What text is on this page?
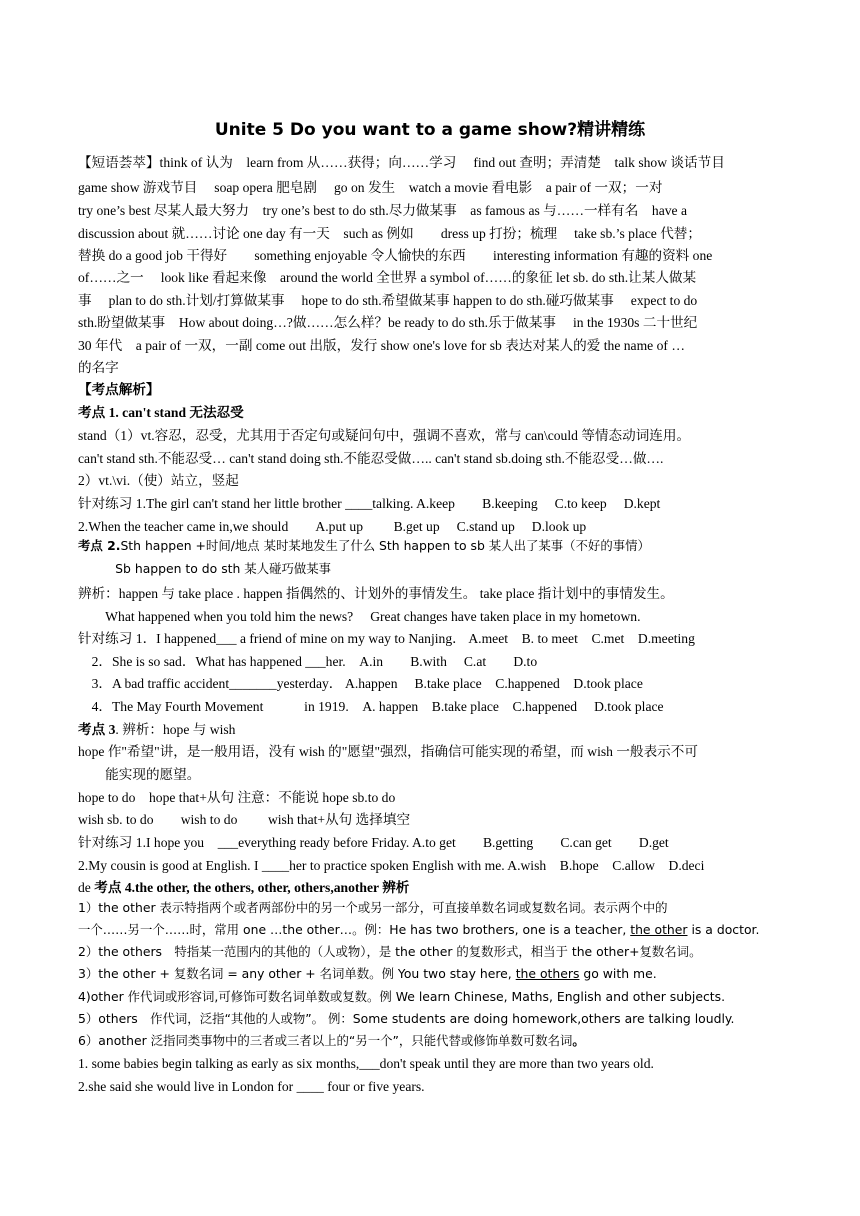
Unite 5 Do you want to a game show?精讲精练
【短语荟萃】think of 认为　learn from 从……获得；向……学习　 find out 查明；弄清楚　talk show 谈话节目
game show 游戏节目　 soap opera 肥皂剧　 go on 发生　watch a movie 看电影　a pair of 一双；一对
try one’s best 尽某人最大努力　try one’s best to do sth.尽力做某事　as famous as 与……一样有名　have a
discussion about 就……讨论 one day 有一天　such as 例如　　dress up 打扮；梳理　 take sb.’s place 代替；
替换 do a good job 干得好　　something enjoyable 令人愉快的东西　　interesting information 有趣的资料 one
of……之一　 look like 看起来像　around the world 全世界 a symbol of……的象征 let sb. do sth.让某人做某
事　 plan to do sth.计划/打算做某事　 hope to do sth.希望做某事 happen to do sth.碰巧做某事　 expect to do
sth.盼望做某事　How about doing…?做……怎么样？be ready to do sth.乐于做某事　 in the 1930s 二十世纪
30 年代　a pair of 一双，一副 come out 出版，发行 show one's love for sb 表达对某人的爱 the name of …
的名字
【考点解析】
考点 1. can't stand 无法忍受
stand（1）vt.容忍，忍受，尤其用于否定句或疑问句中，强调不喜欢，常与 can\could 等情态动词连用。
can't stand sth.不能忍受… can't stand doing sth.不能忍受做….. can't stand sb.doing sth.不能忍受…做….
2）vt.\vi.（使）站立，竖起
针对练习 1.The girl can't stand her little brother ____talking. A.keep　　B.keeping　 C.to keep　 D.kept
2.When the teacher came in,we should　　A.put up　　 B.get up　 C.stand up　 D.look up
考点 2.Sth happen +时间/地点 某时某地发生了什么 Sth happen to sb 某人出了某事（不好的事情）
　　　Sb happen to do sth 某人碰巧做某事
辨析：happen 与 take place . happen 指偶然的、计划外的事情发生。 take place 指计划中的事情发生。
　　What happened when you told him the news?　 Great changes have taken place in my hometown.
针对练习 1．I happened___ a friend of mine on my way to Nanjing． A.meet　B. to meet　C.met　D.meeting
　2．She is so sad．What has happened ___her.　A.in　　B.with　 C.at　　D.to
　3．A bad traffic accident_______yesterday． A.happen　 B.take place　C.happened　D.took place
　4．The May Fourth Movement　　　in 1919.　A. happen　B.take place　C.happened　 D.took place
考点 3. 辨析：hope 与 wish
hope 作"希望"讲，是一般用语，没有 wish 的"愿望"强烈，指确信可能实现的希望，而 wish 一般表示不可
　　能实现的愿望。
hope to do　hope that+从句 注意：不能说 hope sb.to do
wish sb. to do　　wish to do　　 wish that+从句 选择填空
针对练习 1.I hope you　___everything ready before Friday. A.to get　　B.getting　　C.can get　　D.get
2.My cousin is good at English. I ____her to practice spoken English with me. A.wish　B.hope　C.allow　D.deci
de 考点 4.the other, the others, other, others,another 辨析
1）the other 表示特指两个或者两部份中的另一个或另一部分，可直接单数名词或复数名词。表示两个中的
一个……另一个……时，常用 one …the other…。例：He has two brothers, one is a teacher, the other is a doctor.
2）the others　特指某一范围内的其他的（人或物），是 the other 的复数形式，相当于 the other+复数名词。
3）the other + 复数名词 = any other + 名词单数。例 You two stay here, the others go with me.
4)other 作代词或形容词,可修饰可数名词单数或复数。例 We learn Chinese, Maths, English and other subjects.
5）others　作代词，泛指“其他的人或物”。 例：Some students are doing homework,others are talking loudly.
6）another 泛指同类事物中的三者或三者以上的“另一个”，只能代替或修饰单数可数名词。
1. some babies begin talking as early as six months,___don't speak until they are more than two years old.
2.she said she would live in London for ____ four or five years.
